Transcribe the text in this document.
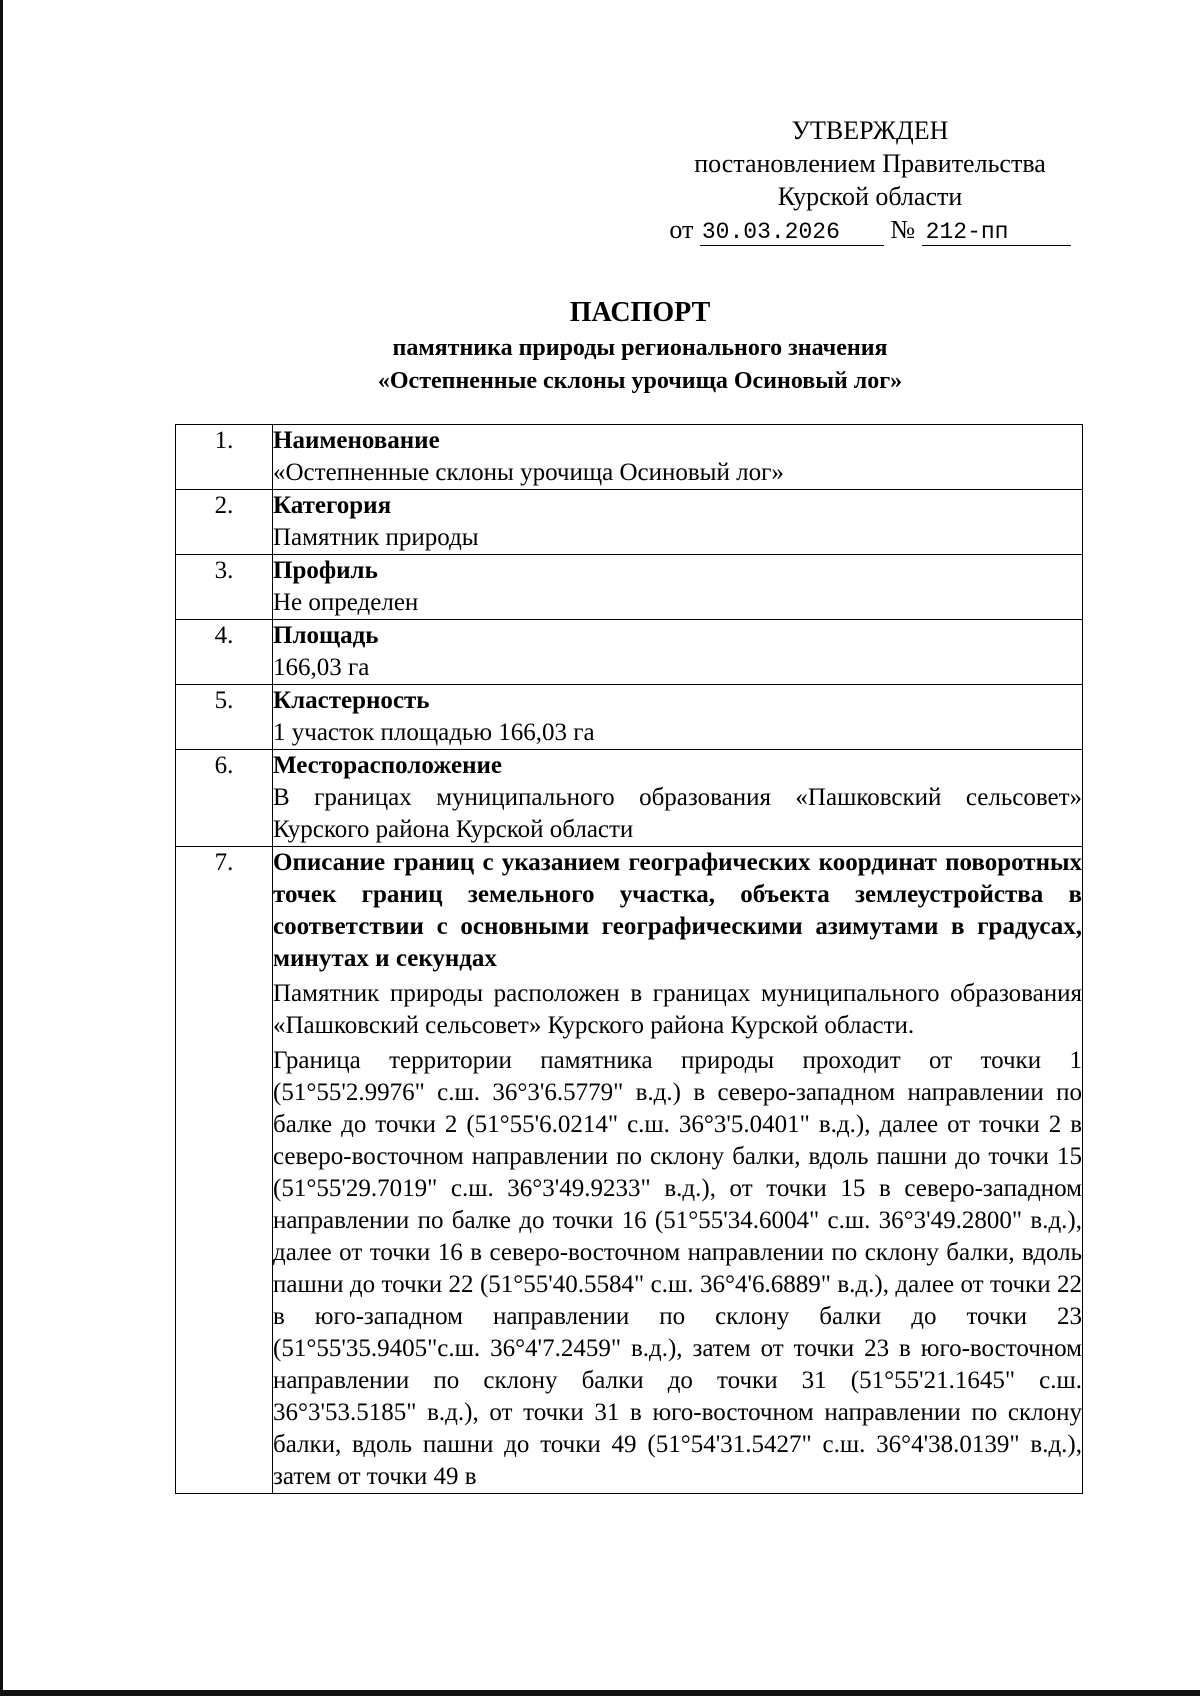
УТВЕРЖДЕН
постановлением Правительства
Курской области
от 30.03.2026 № 212-пп
ПАСПОРТ
памятника природы регионального значения
«Остепненные склоны урочища Осиновый лог»
1.	Наименование
«Остепненные склоны урочища Осиновый лог»

2.	Категория
Памятник природы

3.	Профиль
Не определен

4.	Площадь
166,03 га

5.	Кластерность
1 участок площадью 166,03 га

6.	Месторасположение
В границах муниципального образования «Пашковский сельсовет» Курского района Курской области

7.	Описание границ с указанием географических координат поворотных точек границ земельного участка, объекта землеустройства в соответствии с основными географическими азимутами в градусах, минутах и секундах
Памятник природы расположен в границах муниципального образования «Пашковский сельсовет» Курского района Курской области.
Граница территории памятника природы проходит от точки 1 (51°55'2.9976" с.ш. 36°3'6.5779" в.д.) в северо-западном направлении по балке до точки 2 (51°55'6.0214" с.ш. 36°3'5.0401" в.д.), далее от точки 2 в северо-восточном направлении по склону балки, вдоль пашни до точки 15 (51°55'29.7019" с.ш. 36°3'49.9233" в.д.), от точки 15 в северо-западном направлении по балке до точки 16 (51°55'34.6004" с.ш. 36°3'49.2800" в.д.), далее от точки 16 в северо-восточном направлении по склону балки, вдоль пашни до точки 22 (51°55'40.5584" с.ш. 36°4'6.6889" в.д.), далее от точки 22 в юго-западном направлении по склону балки до точки 23 (51°55'35.9405"с.ш. 36°4'7.2459" в.д.), затем от точки 23 в юго-восточном направлении по склону балки до точки 31 (51°55'21.1645" с.ш. 36°3'53.5185" в.д.), от точки 31 в юго-восточном направлении по склону балки, вдоль пашни до точки 49 (51°54'31.5427" с.ш. 36°4'38.0139" в.д.), затем от точки 49 в
